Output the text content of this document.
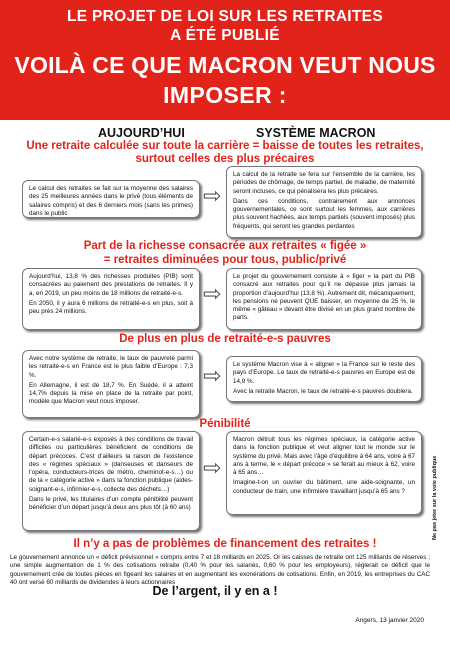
LE PROJET DE LOI SUR LES RETRAITES
A ÉTÉ PUBLIÉ
VOILÀ CE QUE MACRON VEUT NOUS
IMPOSER :
AUJOURD’HUI	SYSTÈME MACRON
Une retraite calculée sur toute la carrière = baisse de toutes les retraites,
surtout celles des plus précaires

Le calcul des retraites se fait sur la moyenne des salaires des 25 meilleures années dans le privé (tous éléments de salaires compris) et des 6 derniers mois (sans les primes) dans le public

⇨

La calcul de la retraite se fera sur l’ensemble de la carrière, les périodes de chômage, de temps partiel, de maladie, de maternité seront incluses, ce qui pénalisera les plus précaires.

Dans ces conditions, contrairement aux annonces gouvernementales, ce sont surtout les femmes, aux carrières plus souvent hachées, aux temps partiels (souvent imposés) plus fréquents, qui seront les grandes perdantes

Part de la richesse consacrée aux retraites « figée »
= retraites diminuées pour tous, public/privé

Aujourd’hui, 13,8 % des richesses produites (PIB) sont consacrées au paiement des prestations de retraites. Il y a, en 2019, un peu moins de 18 millions de retraité-e-s.

En 2050, il y aura 6 millions de retraité-e-s en plus, soit à peu près 24 millions.

⇨

Le projet du gouvernement consiste à « figer » la part du PIB consacré aux retraites pour qu’il ne dépasse plus jamais la proportion d’aujourd’hui (13,8 %). Autrement dit, mécaniquement, les pensions ne peuvent QUE baisser, en moyenne de 25 %, le même « gâteau » devant être divisé en un plus grand nombre de parts.

De plus en plus de retraité-e-s pauvres

Avec notre système de retraite, le taux de pauvreté parmi les retraité-e-s en France est le plus faible d’Europe : 7,3 %.

En Allemagne, il est de 18,7 %. En Suède, il a atteint 14,7% depuis la mise en place de la retraite par point, modèle que Macron veut nous imposer.

⇨ Le système Macron vise à « aligner » la France sur le reste des pays d’Europe. Le taux de retraité-e-s pauvres en Europe est de 14,9 %.

Avec la retraite Macron, le taux de retraité-e-s pauvres doublera.

Pénibilité

Certain-e-s salarié-e-s exposés à des conditions de travail difficiles ou particulières bénéficient de conditions de départ précoces. C’est d’ailleurs la raison de l’existence des « régimes spéciaux » (danseuses et danseurs de l’opéra, conducteurs-trices de métro, cheminot-e-s…) ou de la « catégorie active » dans la fonction publique (aides-soignant-e-s, infirmier-e-s, collecte des déchets…)

Dans le privé, les titulaires d’un compte pénibilité peuvent bénéficier d’un départ jusqu’à deux ans plus tôt (à 60 ans)

⇨

Macron détruit tous les régimes spéciaux, la catégorie active dans la fonction publique et veut aligner tout le monde sur le système du privé. Mais avec l’âge d’équilibre à 64 ans, voire à 67 ans à terme, le « départ précoce » se ferait au mieux à 62, voire à 65 ans…

Imagine-t-on un ouvrier du bâtiment, une aide-soignante, un conducteur de train, une infirmière travaillant jusqu’à 65 ans ?

Il n’y a pas de problèmes de financement des retraites !
Le gouvernement annonce un « déficit prévisionnel » compris entre 7 et 18 milliards en 2025. Or les caisses de retraite ont 125 milliards de réserves ; une simple augmentation de 1 % des cotisations retraite (0,40 % pour les salariés, 0,60 % pour les employeurs), réglerait ce déficit que le gouvernement crée de toutes pièces en figeant les salaires et en augmentant les exonérations de cotisations. Enfin, en 2019, les entreprises du CAC 40 ont versé 60 milliards de dividendes à leurs actionnaires
De l’argent, il y en a !
Angers, 13 janvier 2020
Ne pas jeter sur la voie publique
